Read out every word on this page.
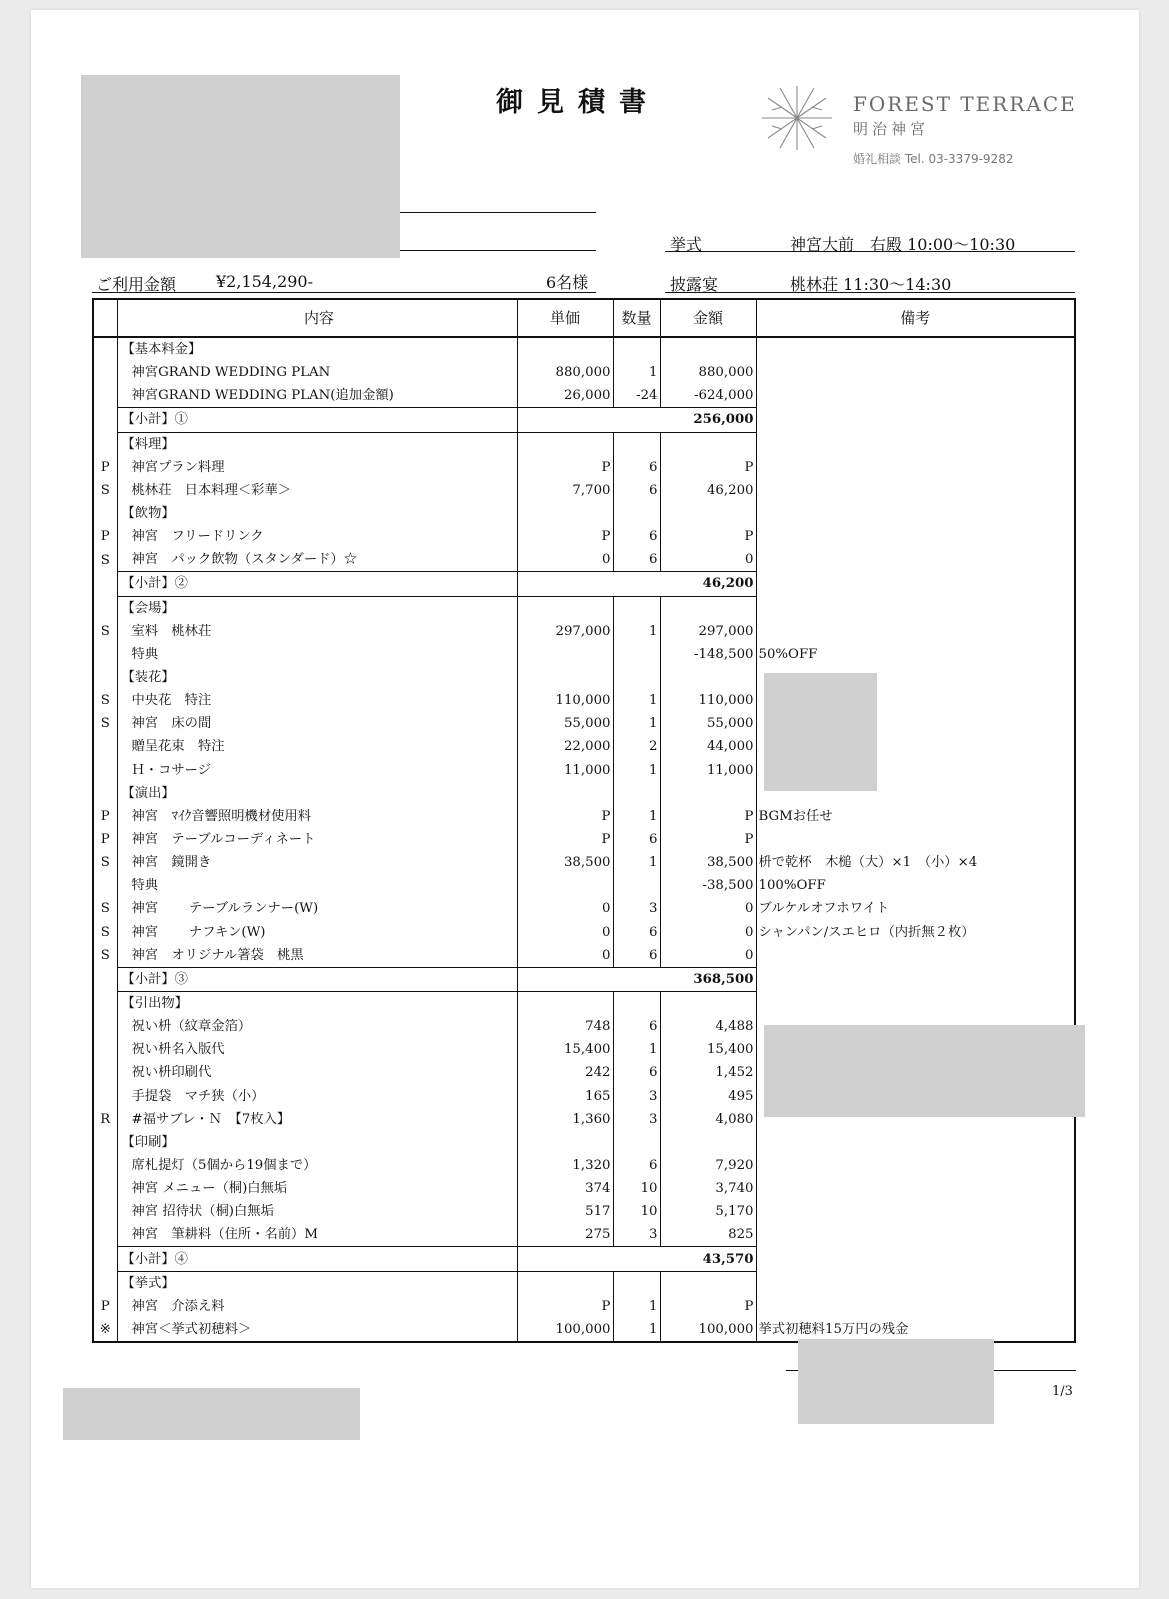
御見積書	FOREST TERRACE
明治神宮
婚礼相談 Tel. 03-3379-9282
挙式	神宮大前　右殿 10:00〜10:30
ご利用金額 ¥2,154,290-	6名様	披露宴	桃林荘 11:30〜14:30
	内容	単価	数量	金額	備考
	【基本料金】				
	神宮GRAND WEDDING PLAN	880,000	1	880,000	
	神宮GRAND WEDDING PLAN(追加金額)	26,000	-24	-624,000	
	【小計】①			256,000	
	【料理】				
P	神宮プラン料理	P	6	P	
S	桃林荘　日本料理＜彩華＞	7,700	6	46,200	
	【飲物】				
P	神宮　フリードリンク	P	6	P	
S	神宮　パック飲物（スタンダード）☆	0	6	0	
	【小計】②			46,200	
	【会場】				
S	室料　桃林荘	297,000	1	297,000	
	特典			-148,500	50%OFF
	【装花】				
S	中央花　特注	110,000	1	110,000	
S	神宮　床の間	55,000	1	55,000	
	贈呈花束　特注	22,000	2	44,000	
	Ｈ・コサージ	11,000	1	11,000	
	【演出】				
P	神宮　ﾏｲｸ音響照明機材使用料	P	1	P	BGMお任せ
P	神宮　テーブルコーディネート	P	6	P	
S	神宮　鏡開き	38,500	1	38,500	枡で乾杯　木槌（大）×1　（小）×4
	特典			-38,500	100%OFF
S	神宮　　 テーブルランナー(W)	0	3	0	ブルケルオフホワイト
S	神宮　　 ナフキン(W)	0	6	0	シャンパン/スエヒロ（内折無２枚）
S	神宮　オリジナル箸袋　桃黒	0	6	0	
	【小計】③			368,500	
	【引出物】				
	祝い枡（紋章金箔）	748	6	4,488	
	祝い枡名入版代	15,400	1	15,400	
	祝い枡印刷代	242	6	1,452	
	手提袋　マチ狭（小）	165	3	495	
R	#福サブレ・Ｎ　【7枚入】	1,360	3	4,080	
	【印刷】				
	席札提灯（5個から19個まで）	1,320	6	7,920	
	神宮 メニュー（桐)白無垢	374	10	3,740	
	神宮 招待状（桐)白無垢	517	10	5,170	
	神宮　筆耕料（住所・名前）M	275	3	825	
	【小計】④			43,570	
	【挙式】				
P	神宮　介添え料	P	1	P	
※	神宮＜挙式初穂料＞	100,000	1	100,000	挙式初穂料15万円の残金
1/3
